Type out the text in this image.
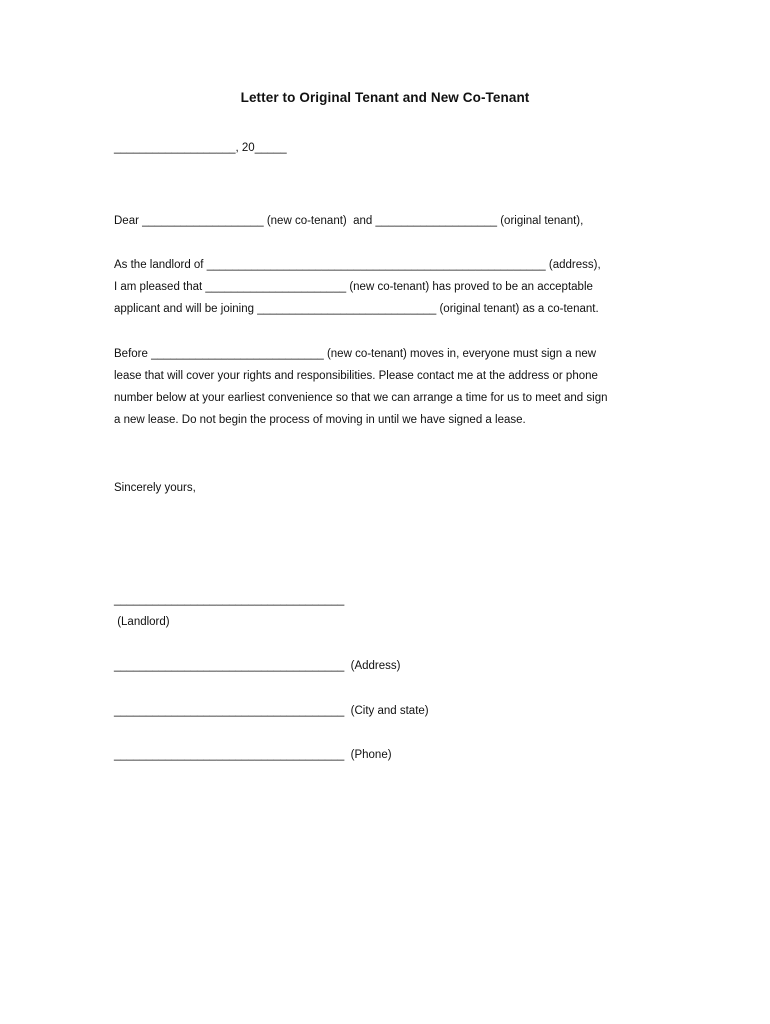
Letter to Original Tenant and New Co-Tenant
___________________, 20_____
Dear ___________________ (new co-tenant)  and ___________________ (original tenant),
As the landlord of _____________________________________________________ (address),
I am pleased that ______________________ (new co-tenant) has proved to be an acceptable
applicant and will be joining ____________________________ (original tenant) as a co-tenant.
Before ___________________________ (new co-tenant) moves in, everyone must sign a new
lease that will cover your rights and responsibilities. Please contact me at the address or phone
number below at your earliest convenience so that we can arrange a time for us to meet and sign
a new lease. Do not begin the process of moving in until we have signed a lease.
Sincerely yours,
____________________________________
(Landlord)
____________________________________  (Address)
____________________________________  (City and state)
____________________________________  (Phone)
